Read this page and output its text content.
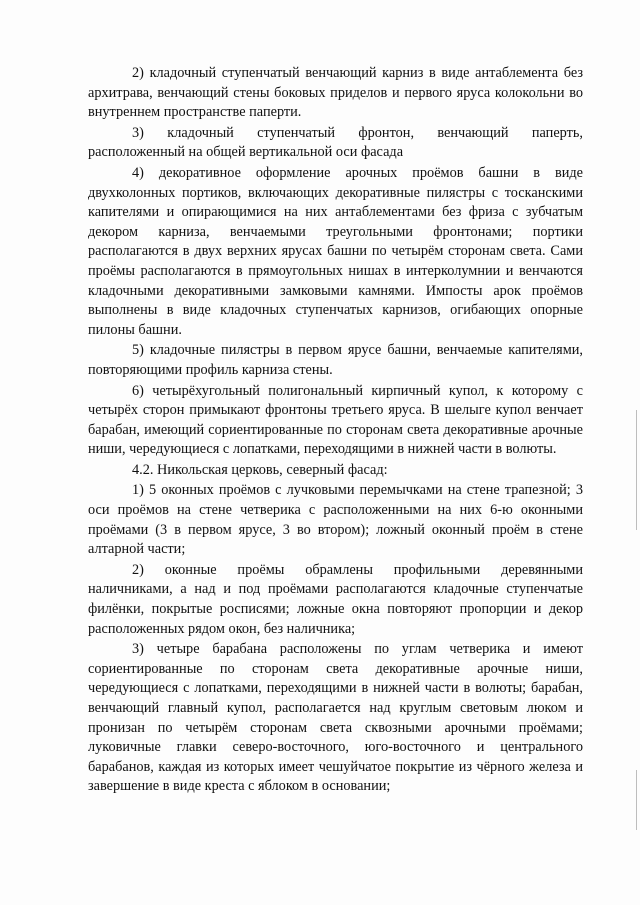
2) кладочный ступенчатый венчающий карниз в виде антаблемента без архитрава, венчающий стены боковых приделов и первого яруса колокольни во внутреннем пространстве паперти.

3) кладочный ступенчатый фронтон, венчающий паперть, расположенный на общей вертикальной оси фасада

4) декоративное оформление арочных проёмов башни в виде двухколонных портиков, включающих декоративные пилястры с тосканскими капителями и опирающимися на них антаблементами без фриза с зубчатым декором карниза, венчаемыми треугольными фронтонами; портики располагаются в двух верхних ярусах башни по четырём сторонам света. Сами проёмы располагаются в прямоугольных нишах в интерколумнии и венчаются кладочными декоративными замковыми камнями. Импосты арок проёмов выполнены в виде кладочных ступенчатых карнизов, огибающих опорные пилоны башни.

5) кладочные пилястры в первом ярусе башни, венчаемые капителями, повторяющими профиль карниза стены.

6) четырёхугольный полигональный кирпичный купол, к которому с четырёх сторон примыкают фронтоны третьего яруса. В шелыге купол венчает барабан, имеющий сориентированные по сторонам света декоративные арочные ниши, чередующиеся с лопатками, переходящими в нижней части в волюты.

4.2. Никольская церковь, северный фасад:

1) 5 оконных проёмов с лучковыми перемычками на стене трапезной; 3 оси проёмов на стене четверика с расположенными на них 6-ю оконными проёмами (3 в первом ярусе, 3 во втором); ложный оконный проём в стене алтарной части;

2) оконные проёмы обрамлены профильными деревянными наличниками, а над и под проёмами располагаются кладочные ступенчатые филёнки, покрытые росписями; ложные окна повторяют пропорции и декор расположенных рядом окон, без наличника;

3) четыре барабана расположены по углам четверика и имеют сориентированные по сторонам света декоративные арочные ниши, чередующиеся с лопатками, переходящими в нижней части в волюты; барабан, венчающий главный купол, располагается над круглым световым люком и пронизан по четырём сторонам света сквозными арочными проёмами; луковичные главки северо-восточного, юго-восточного и центрального барабанов, каждая из которых имеет чешуйчатое покрытие из чёрного железа и завершение в виде креста с яблоком в основании;
